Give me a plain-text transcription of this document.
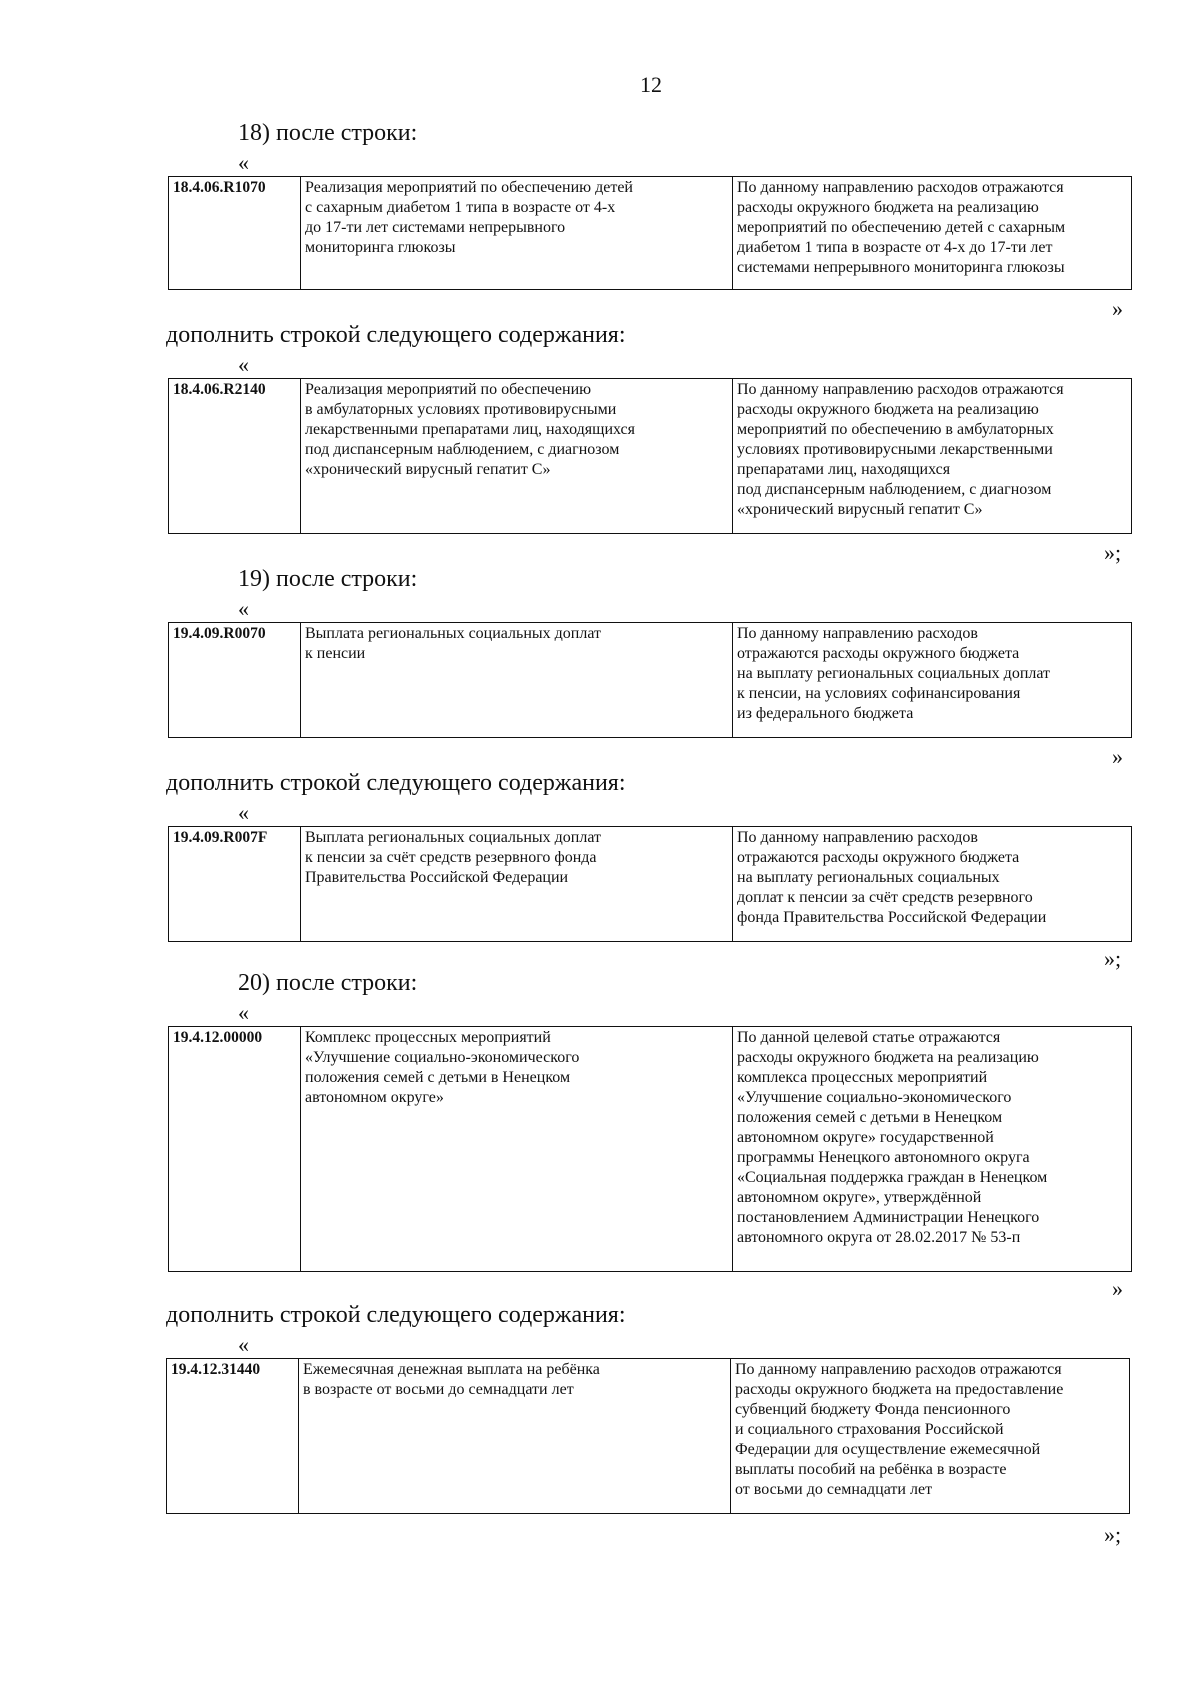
12
18) после строки:
«
18.4.06.R1070	Реализация мероприятий по обеспечению детей
с сахарным диабетом 1 типа в возрасте от 4-х
до 17-ти лет системами непрерывного
мониторинга глюкозы	По данному направлению расходов отражаются
расходы окружного бюджета на реализацию
мероприятий по обеспечению детей с сахарным
диабетом 1 типа в возрасте от 4-х до 17-ти лет
системами непрерывного мониторинга глюкозы
»
дополнить строкой следующего содержания:
«
18.4.06.R2140	Реализация мероприятий по обеспечению
в амбулаторных условиях противовирусными
лекарственными препаратами лиц, находящихся
под диспансерным наблюдением, с диагнозом
«хронический вирусный гепатит С»	По данному направлению расходов отражаются
расходы окружного бюджета на реализацию
мероприятий по обеспечению в амбулаторных
условиях противовирусными лекарственными
препаратами лиц, находящихся
под диспансерным наблюдением, с диагнозом
«хронический вирусный гепатит С»
»;
19) после строки:
«
19.4.09.R0070	Выплата региональных социальных доплат
к пенсии	По данному направлению расходов
отражаются расходы окружного бюджета
на выплату региональных социальных доплат
к пенсии, на условиях софинансирования
из федерального бюджета
»
дополнить строкой следующего содержания:
«
19.4.09.R007F	Выплата региональных социальных доплат
к пенсии за счёт средств резервного фонда
Правительства Российской Федерации	По данному направлению расходов
отражаются расходы окружного бюджета
на выплату региональных социальных
доплат к пенсии за счёт средств резервного
фонда Правительства Российской Федерации
»;
20) после строки:
«
19.4.12.00000	Комплекс процессных мероприятий
«Улучшение социально-экономического
положения семей с детьми в Ненецком
автономном округе»	По данной целевой статье отражаются
расходы окружного бюджета на реализацию
комплекса процессных мероприятий
«Улучшение социально-экономического
положения семей с детьми в Ненецком
автономном округе» государственной
программы Ненецкого автономного округа
«Социальная поддержка граждан в Ненецком
автономном округе», утверждённой
постановлением Администрации Ненецкого
автономного округа от 28.02.2017 № 53-п
»
дополнить строкой следующего содержания:
«
19.4.12.31440	Ежемесячная денежная выплата на ребёнка
в возрасте от восьми до семнадцати лет	По данному направлению расходов отражаются
расходы окружного бюджета на предоставление
субвенций бюджету Фонда пенсионного
и социального страхования Российской
Федерации для осуществление ежемесячной
выплаты пособий на ребёнка в возрасте
от восьми до семнадцати лет
»;
